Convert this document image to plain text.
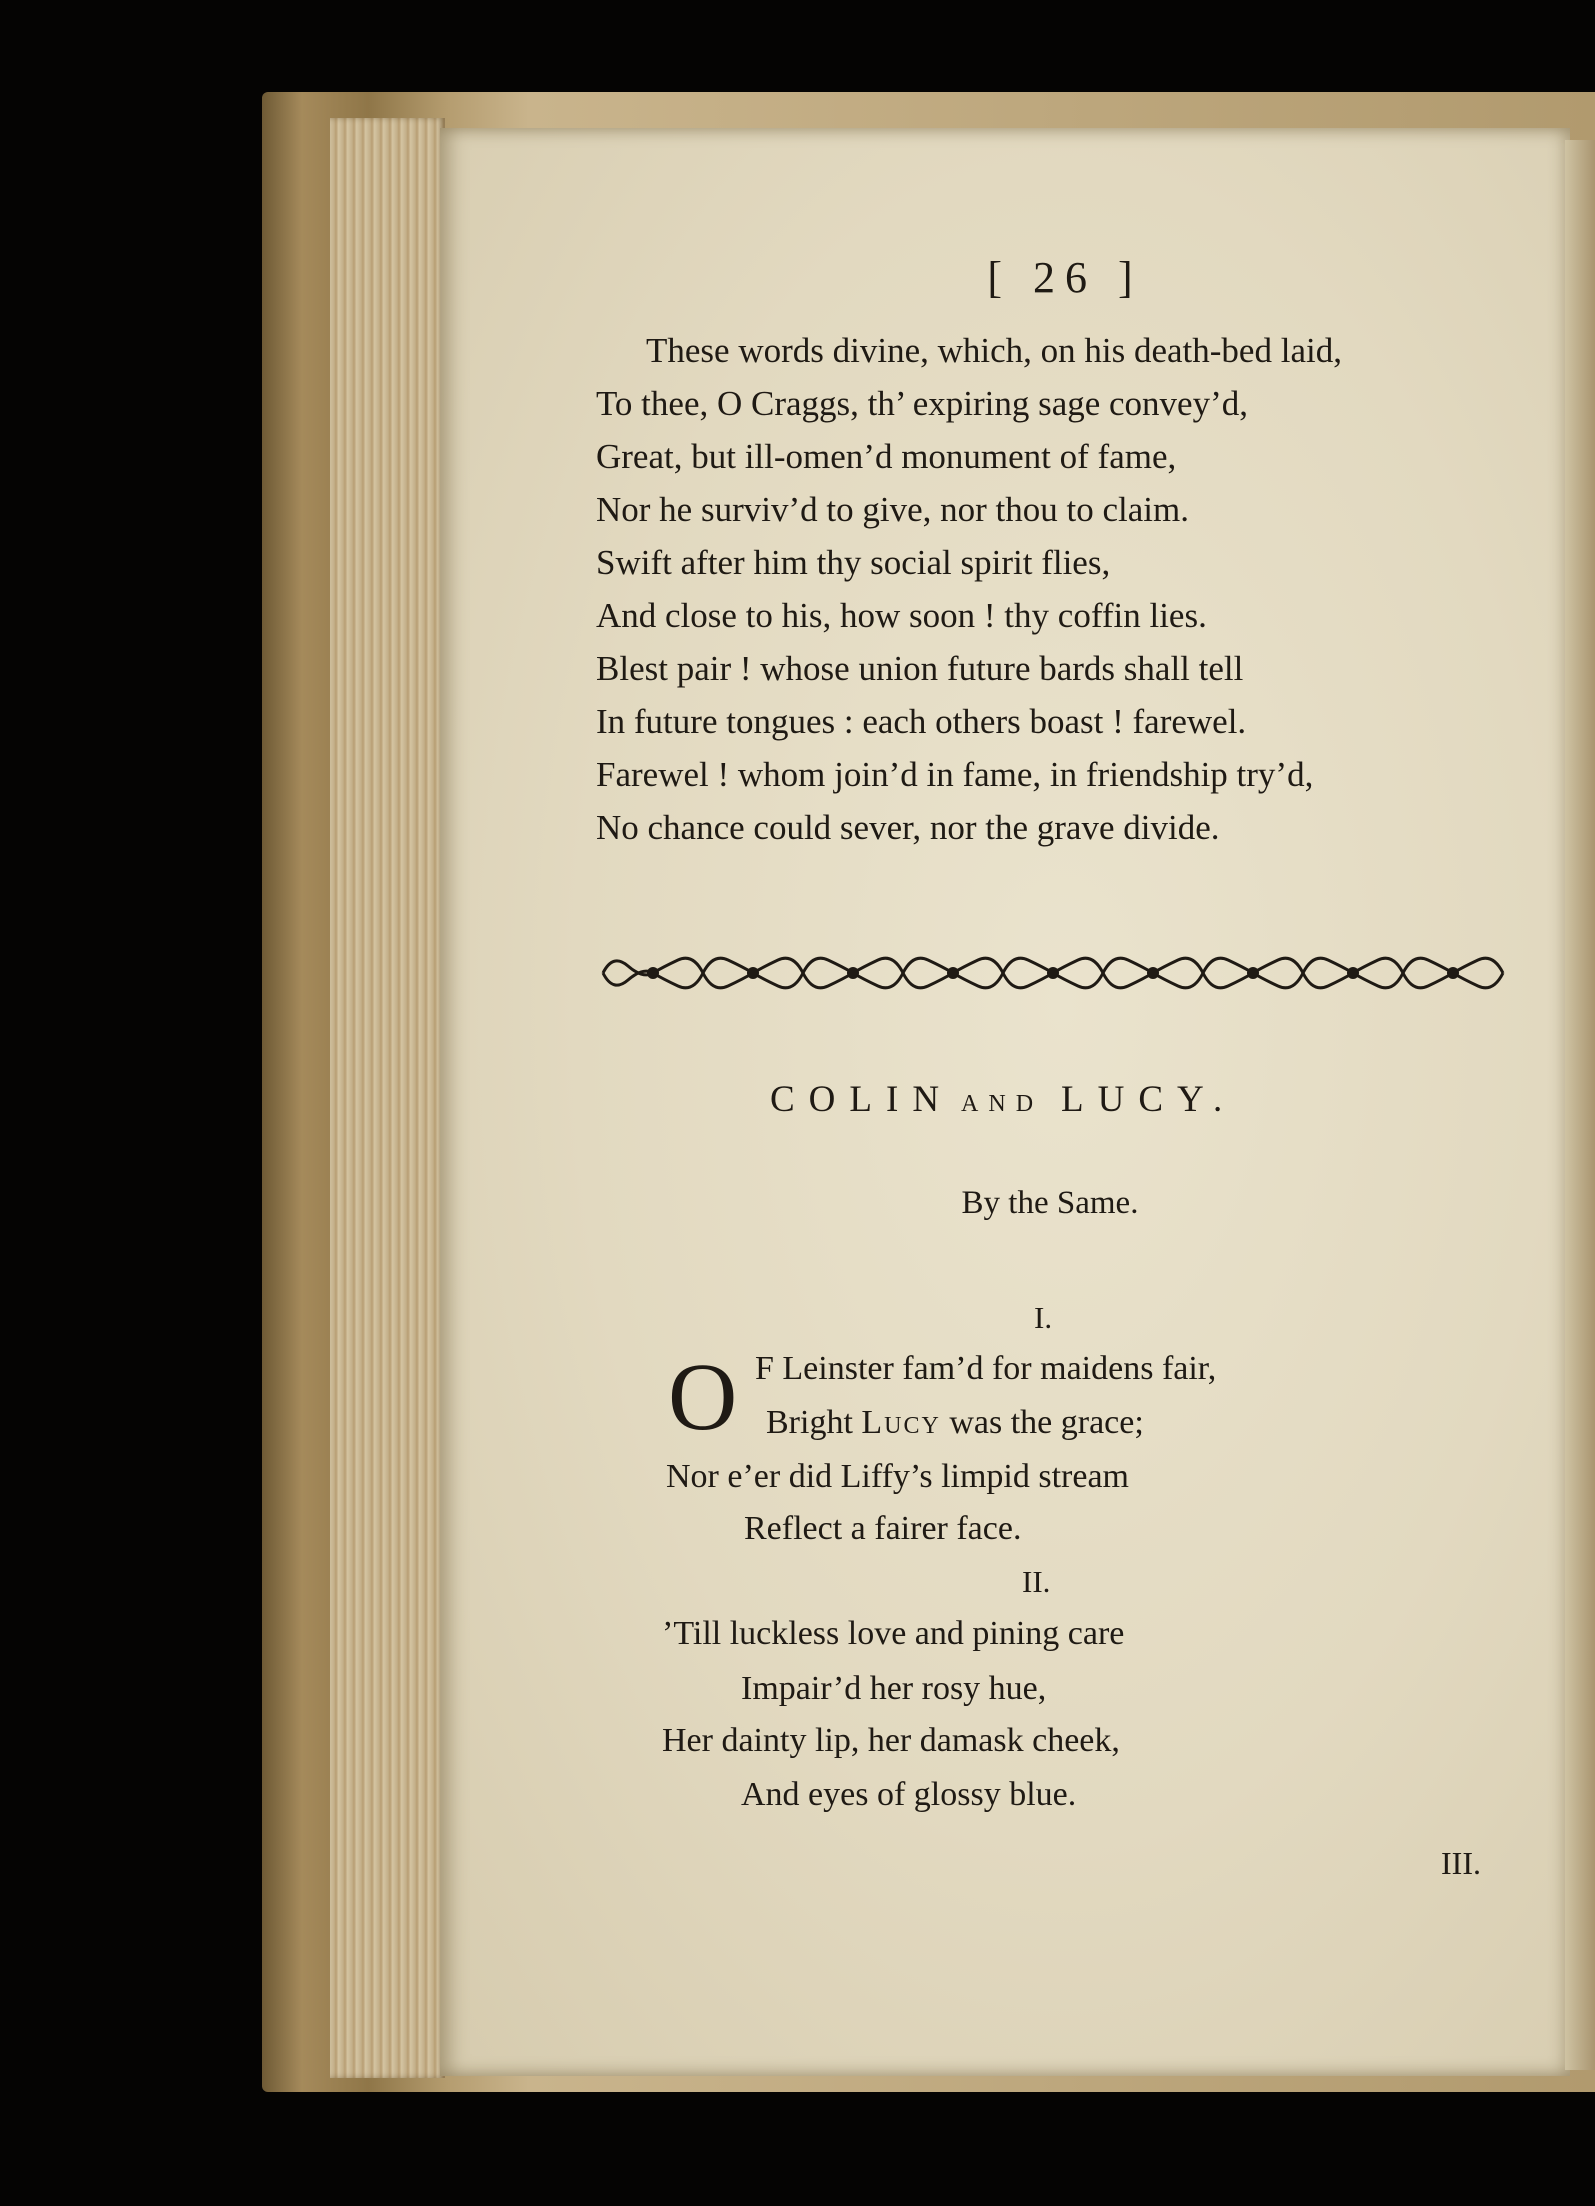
[ 26 ]
These words divine, which, on his death-bed laid,
To thee, O Craggs, th’ expiring sage convey’d,
Great, but ill-omen’d monument of fame,
Nor he surviv’d to give, nor thou to claim.
Swift after him thy social spirit flies,
And close to his, how soon ! thy coffin lies.
Blest pair ! whose union future bards shall tell
In future tongues : each others boast ! farewel.
Farewel ! whom join’d in fame, in friendship try’d,
No chance could sever, nor the grave divide.
COLIN AND LUCY.
By the Same.
I.
O F Leinster fam’d for maidens fair,
Bright Lucy was the grace;
Nor e’er did Liffy’s limpid stream
Reflect a fairer face.
II.
’Till luckless love and pining care
Impair’d her rosy hue,
Her dainty lip, her damask cheek,
And eyes of glossy blue.
III.
